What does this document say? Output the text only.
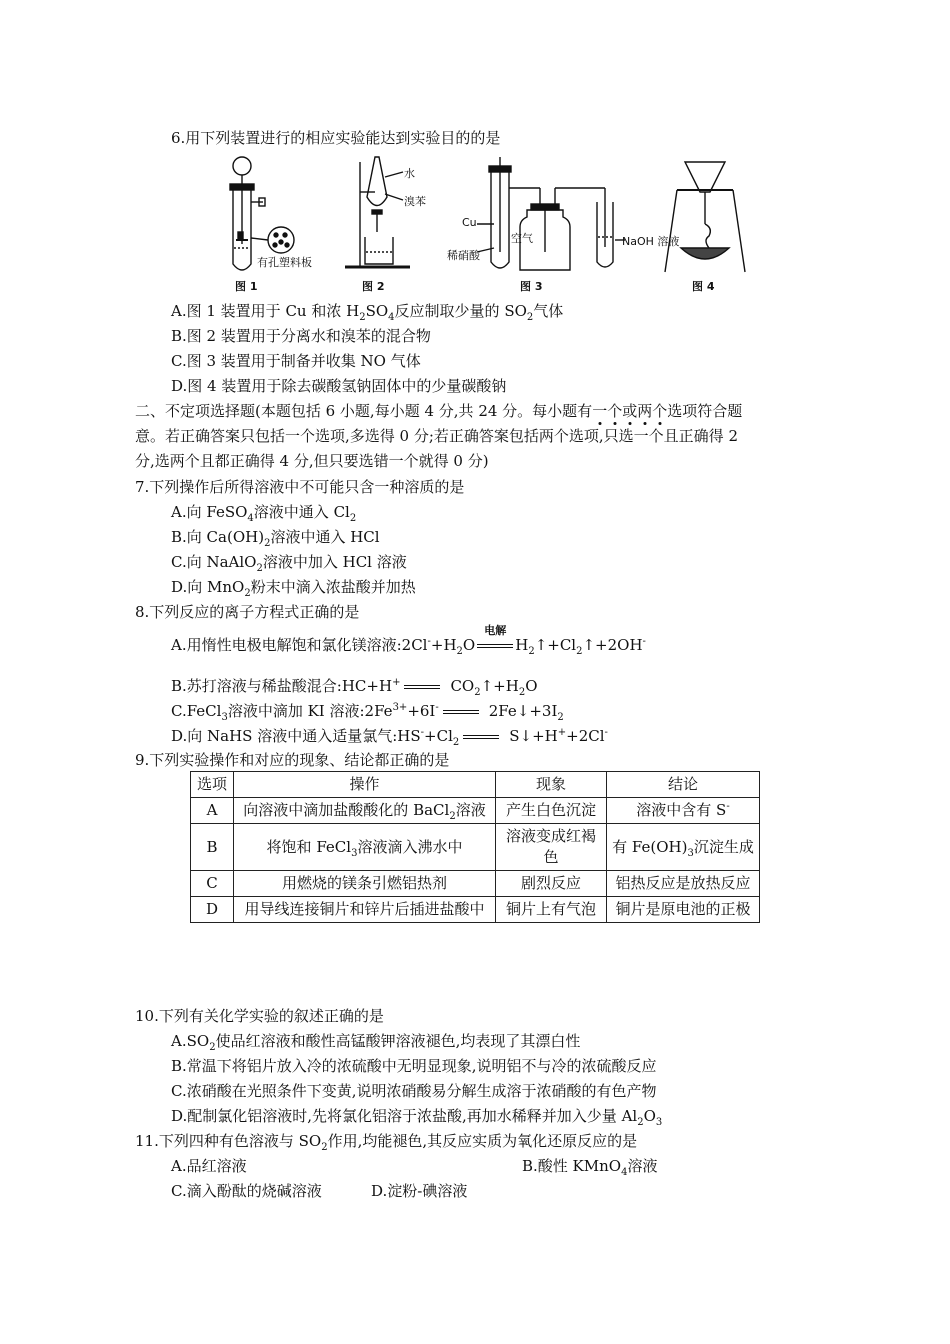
6.用下列装置进行的相应实验能达到实验目的的是
有孔塑料板
水
溴苯
Cu
空气
稀硝酸
NaOH 溶液
图 1	图 2	图 3	图 4
A.图 1 装置用于 Cu 和浓 $H_2SO_4$反应制取少量的 $SO_2$气体
B.图 2 装置用于分离水和溴苯的混合物
C.图 3 装置用于制备并收集 NO 气体
D.图 4 装置用于除去碳酸氢钠固体中的少量碳酸钠
二、不定项选择题(本题包括 6 小题,每小题 4 分,共 24 分。每小题有一个或两个选项符合题
意。若正确答案只包括一个选项,多选得 0 分;若正确答案包括两个选项,只选一个且正确得 2
分,选两个且都正确得 4 分,但只要选错一个就得 0 分)
7.下列操作后所得溶液中不可能只含一种溶质的是
A.向 FeSO$_4$溶液中通入 $Cl_2$
B.向 $Ca(OH)_2$溶液中通入 HCl
C.向 NaAlO$_2$溶液中加入 HCl 溶液
D.向 MnO$_2$粉末中滴入浓盐酸并加热
8.下列反应的离子方程式正确的是
A.用惰性电极电解饱和氯化镁溶液$:2Cl^-+H_2O$
电解
$H_2↑+Cl_2↑+2OH^-$
B.苏打溶液与稀盐酸混合:HC+H+	$CO_2↑+H_2O$
C.FeCl$_3$溶液中滴加 KI 溶液$:2Fe^{3+}+6I^-$	$2Fe↓+3I_2$
D.向 NaHS 溶液中通入适量氯气$:HS^-+Cl_2$	S↓+H++2Cl-
9.下列实验操作和对应的现象、结论都正确的是
选项	操作	现象	结论
A	向溶液中滴加盐酸酸化的 BaCl$_2$溶液	产生白色沉淀	溶液中含有 S-
B	将饱和 FeCl$_3$溶液滴入沸水中	溶液变成红褐色	有 $Fe(OH)_3$沉淀生成
C	用燃烧的镁条引燃铝热剂	剧烈反应	铝热反应是放热反应
D	用导线连接铜片和锌片后插进盐酸中	铜片上有气泡	铜片是原电池的正极
10.下列有关化学实验的叙述正确的是
$A.SO_2$使品红溶液和酸性高锰酸钾溶液褪色,均表现了其漂白性
B.常温下将铝片放入冷的浓硫酸中无明显现象,说明铝不与冷的浓硫酸反应
C.浓硝酸在光照条件下变黄,说明浓硝酸易分解生成溶于浓硝酸的有色产物
D.配制氯化铝溶液时,先将氯化铝溶于浓盐酸,再加水稀释并加入少量 $Al_2O_3$
11.下列四种有色溶液与 $SO_2$作用,均能褪色,其反应实质为氧化还原反应的是
A.品红溶液	B.酸性 KMnO$_4$溶液
C.滴入酚酞的烧碱溶液	D.淀粉-碘溶液
